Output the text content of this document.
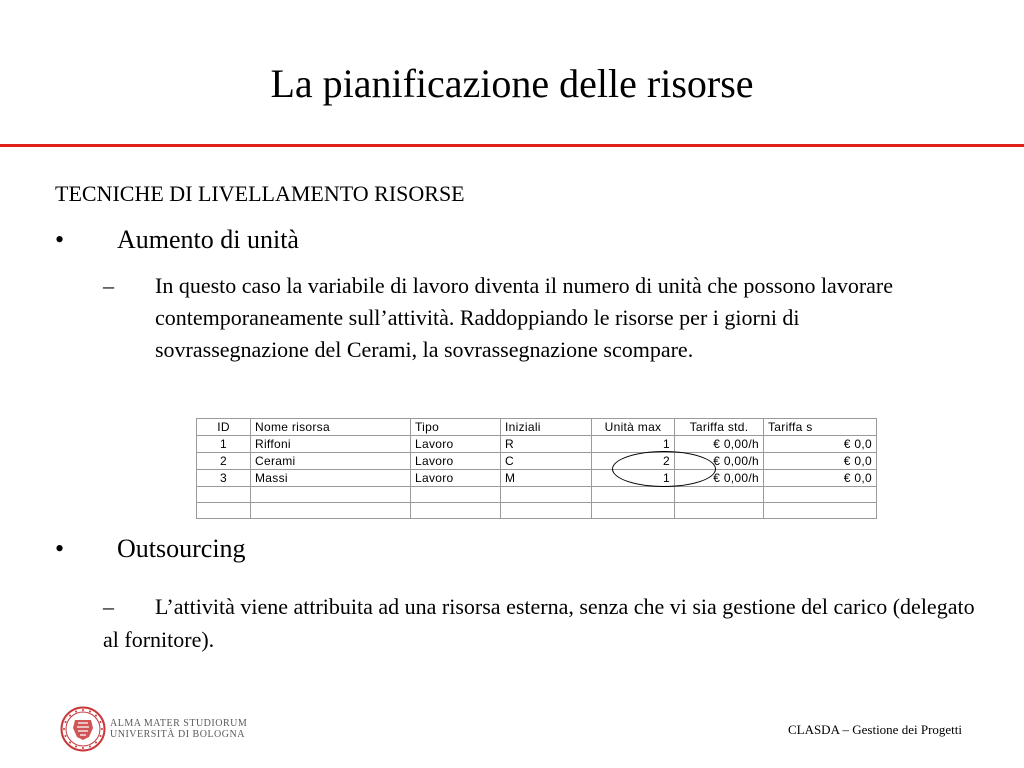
La pianificazione delle risorse
TECNICHE DI LIVELLAMENTO RISORSE
•	Aumento di unità
–	In questo caso la variabile di lavoro diventa il numero di unità che possono lavorare contemporaneamente sull’attività. Raddoppiando le risorse per i giorni di sovrassegnazione del Cerami, la sovrassegnazione scompare.
ID	Nome risorsa	Tipo	Iniziali	Unità max	Tariffa std.	Tariffa s
1	Riffoni	Lavoro	R	1	€ 0,00/h	€ 0,0
2	Cerami	Lavoro	C	2	€ 0,00/h	€ 0,0
3	Massi	Lavoro	M	1	€ 0,00/h	€ 0,0

•	Outsourcing
– L’attività viene attribuita ad una risorsa esterna, senza che vi sia gestione del carico (delegato al fornitore).
ALMA MATER STUDIORUM
UNIVERSITÀ DI BOLOGNA	CLASDA – Gestione dei Progetti
